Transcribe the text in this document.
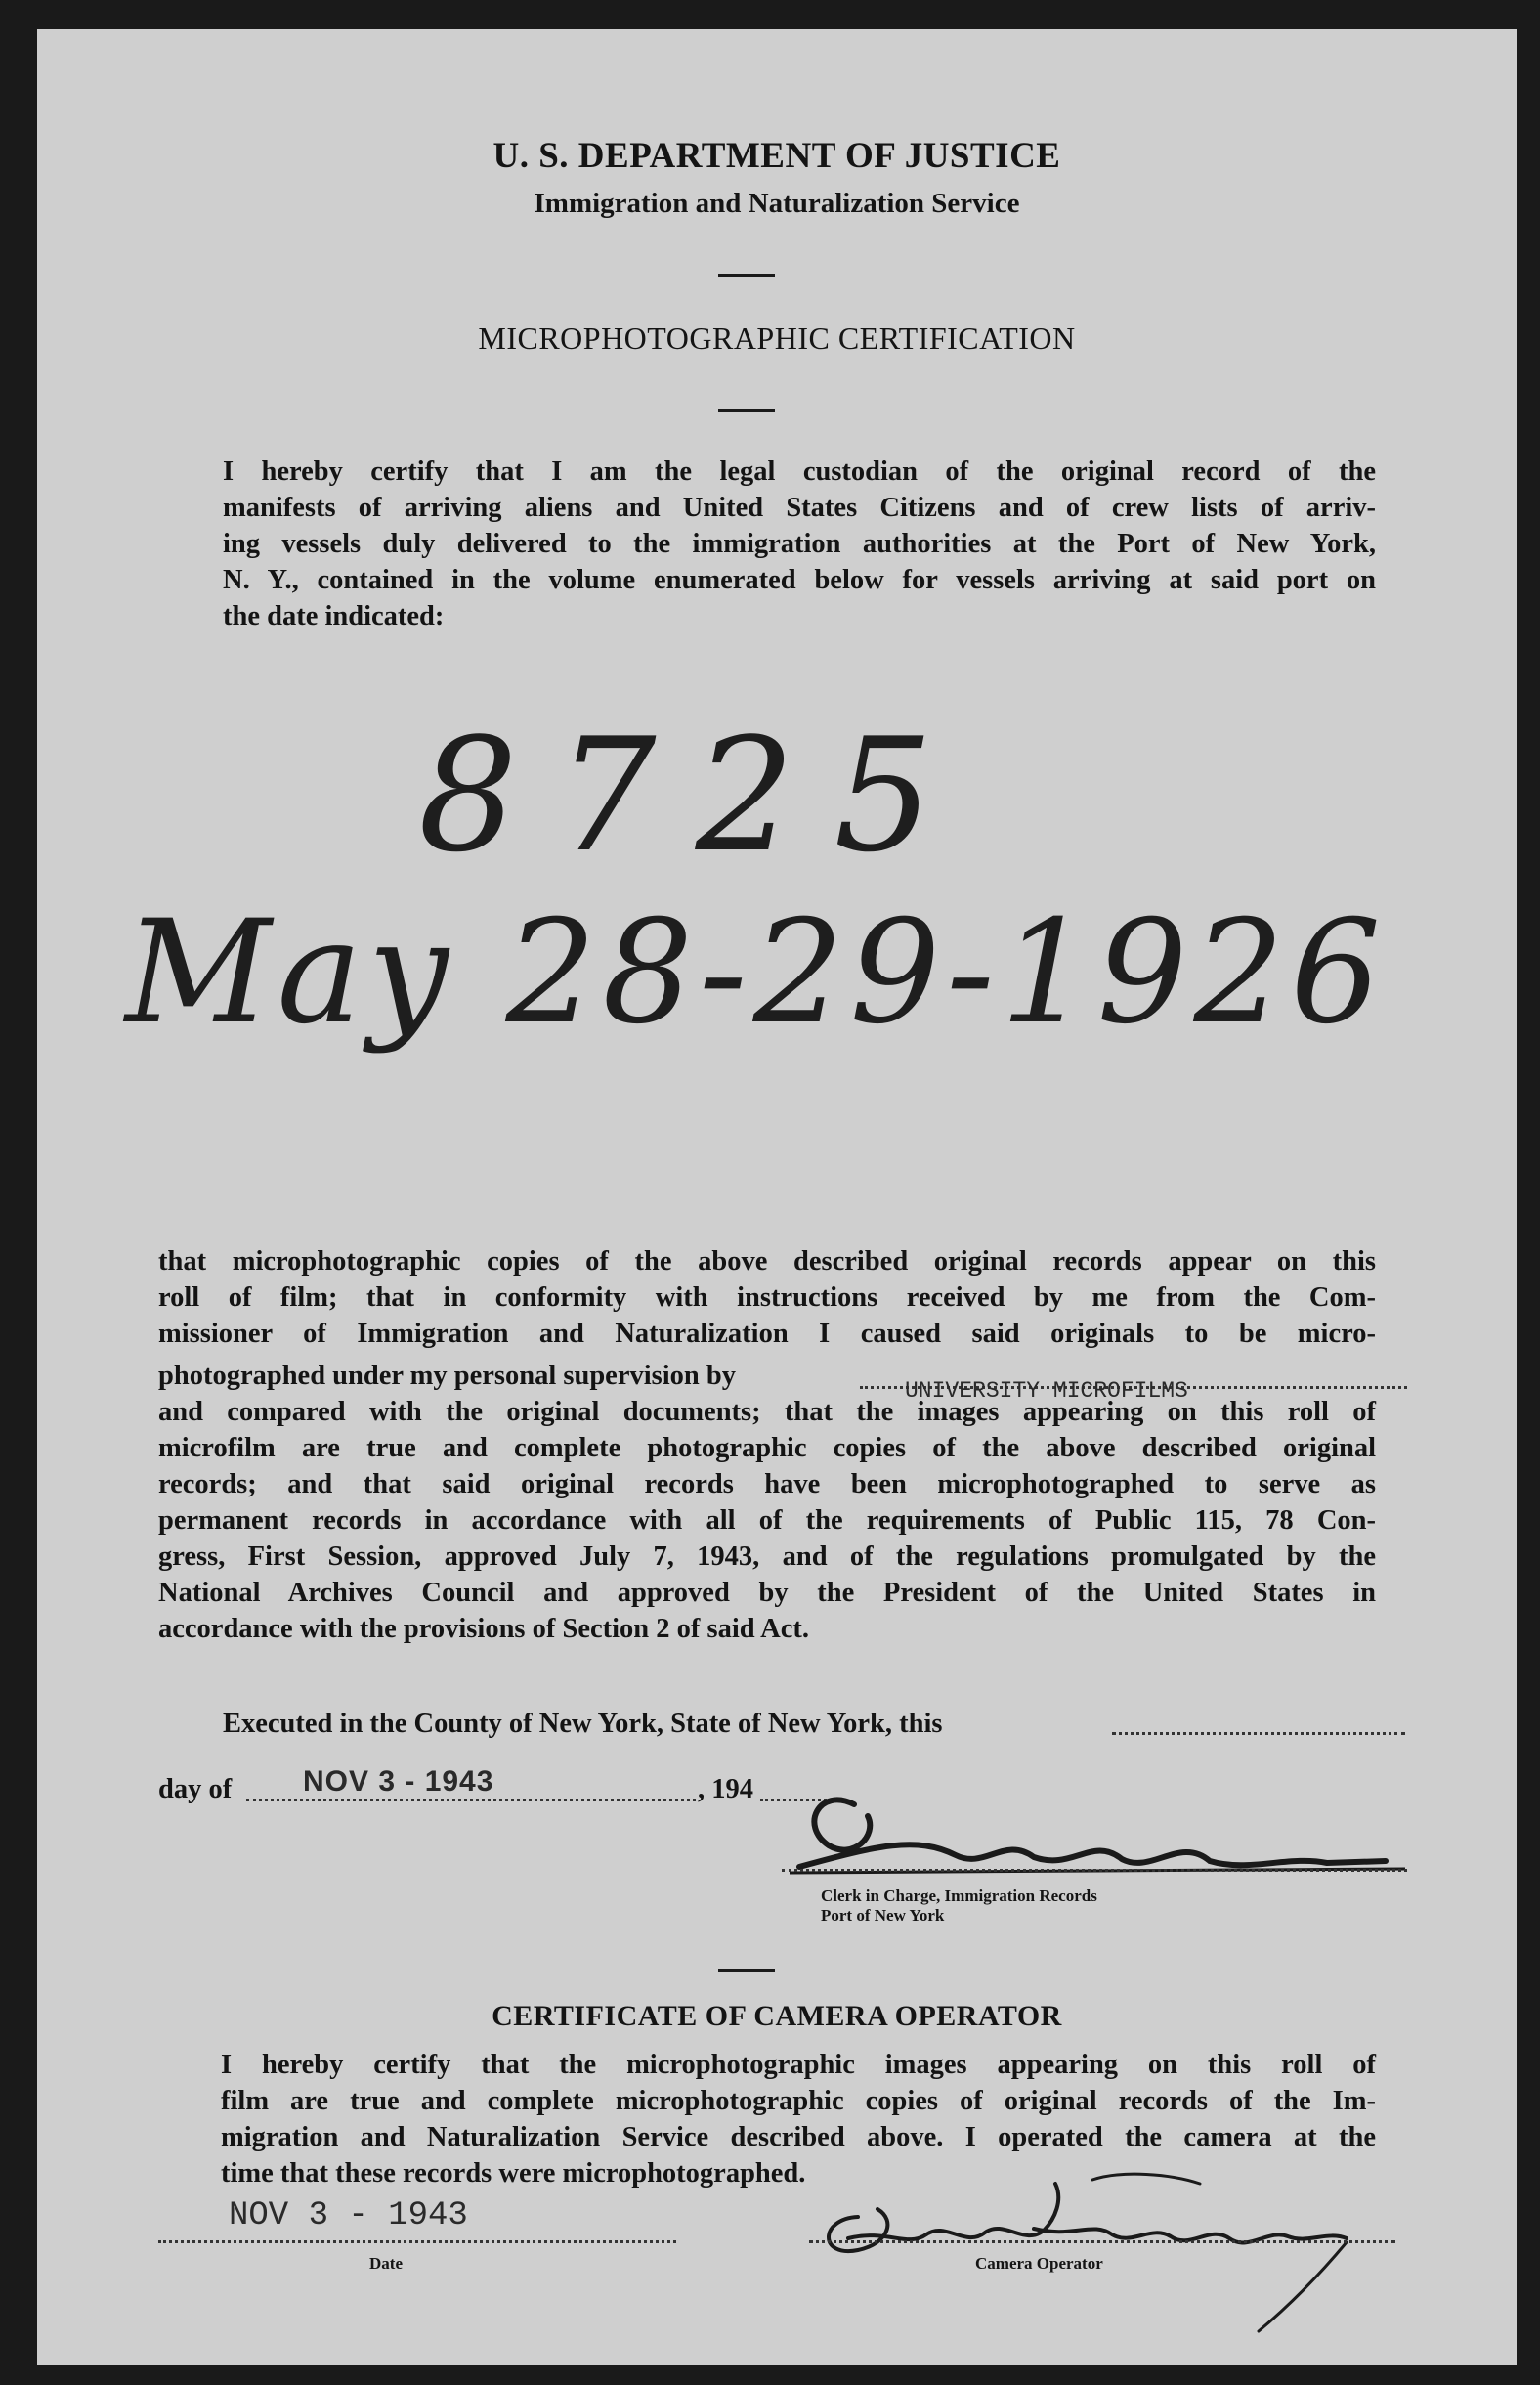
U. S. DEPARTMENT OF JUSTICE
Immigration and Naturalization Service
MICROPHOTOGRAPHIC CERTIFICATION
I hereby certify that I am the legal custodian of the original record of the
manifests of arriving aliens and United States Citizens and of crew lists of arriv-
ing vessels duly delivered to the immigration authorities at the Port of New York,
N. Y., contained in the volume enumerated below for vessels arriving at said port on
the date indicated:
8725
May 28-29-1926
that microphotographic copies of the above described original records appear on this
roll of film; that in conformity with instructions received by me from the Com-
missioner of Immigration and Naturalization I caused said originals to be micro-
photographed under my personal supervision by
and compared with the original documents; that the images appearing on this roll of
microfilm are true and complete photographic copies of the above described original
records; and that said original records have been microphotographed to serve as
permanent records in accordance with all of the requirements of Public 115, 78 Con-
gress, First Session, approved July 7, 1943, and of the regulations promulgated by the
National Archives Council and approved by the President of the United States in
accordance with the provisions of Section 2 of said Act.
UNIVERSITY MICROFILMS
Executed in the County of New York, State of New York, this
day of NOV 3 - 1943	, 194
Clerk in Charge, Immigration Records
Port of New York
CERTIFICATE OF CAMERA OPERATOR
I hereby certify that the microphotographic images appearing on this roll of
film are true and complete microphotographic copies of original records of the Im-
migration and Naturalization Service described above. I operated the camera at the
time that these records were microphotographed.
NOV 3 - 1943
Date	Camera Operator
